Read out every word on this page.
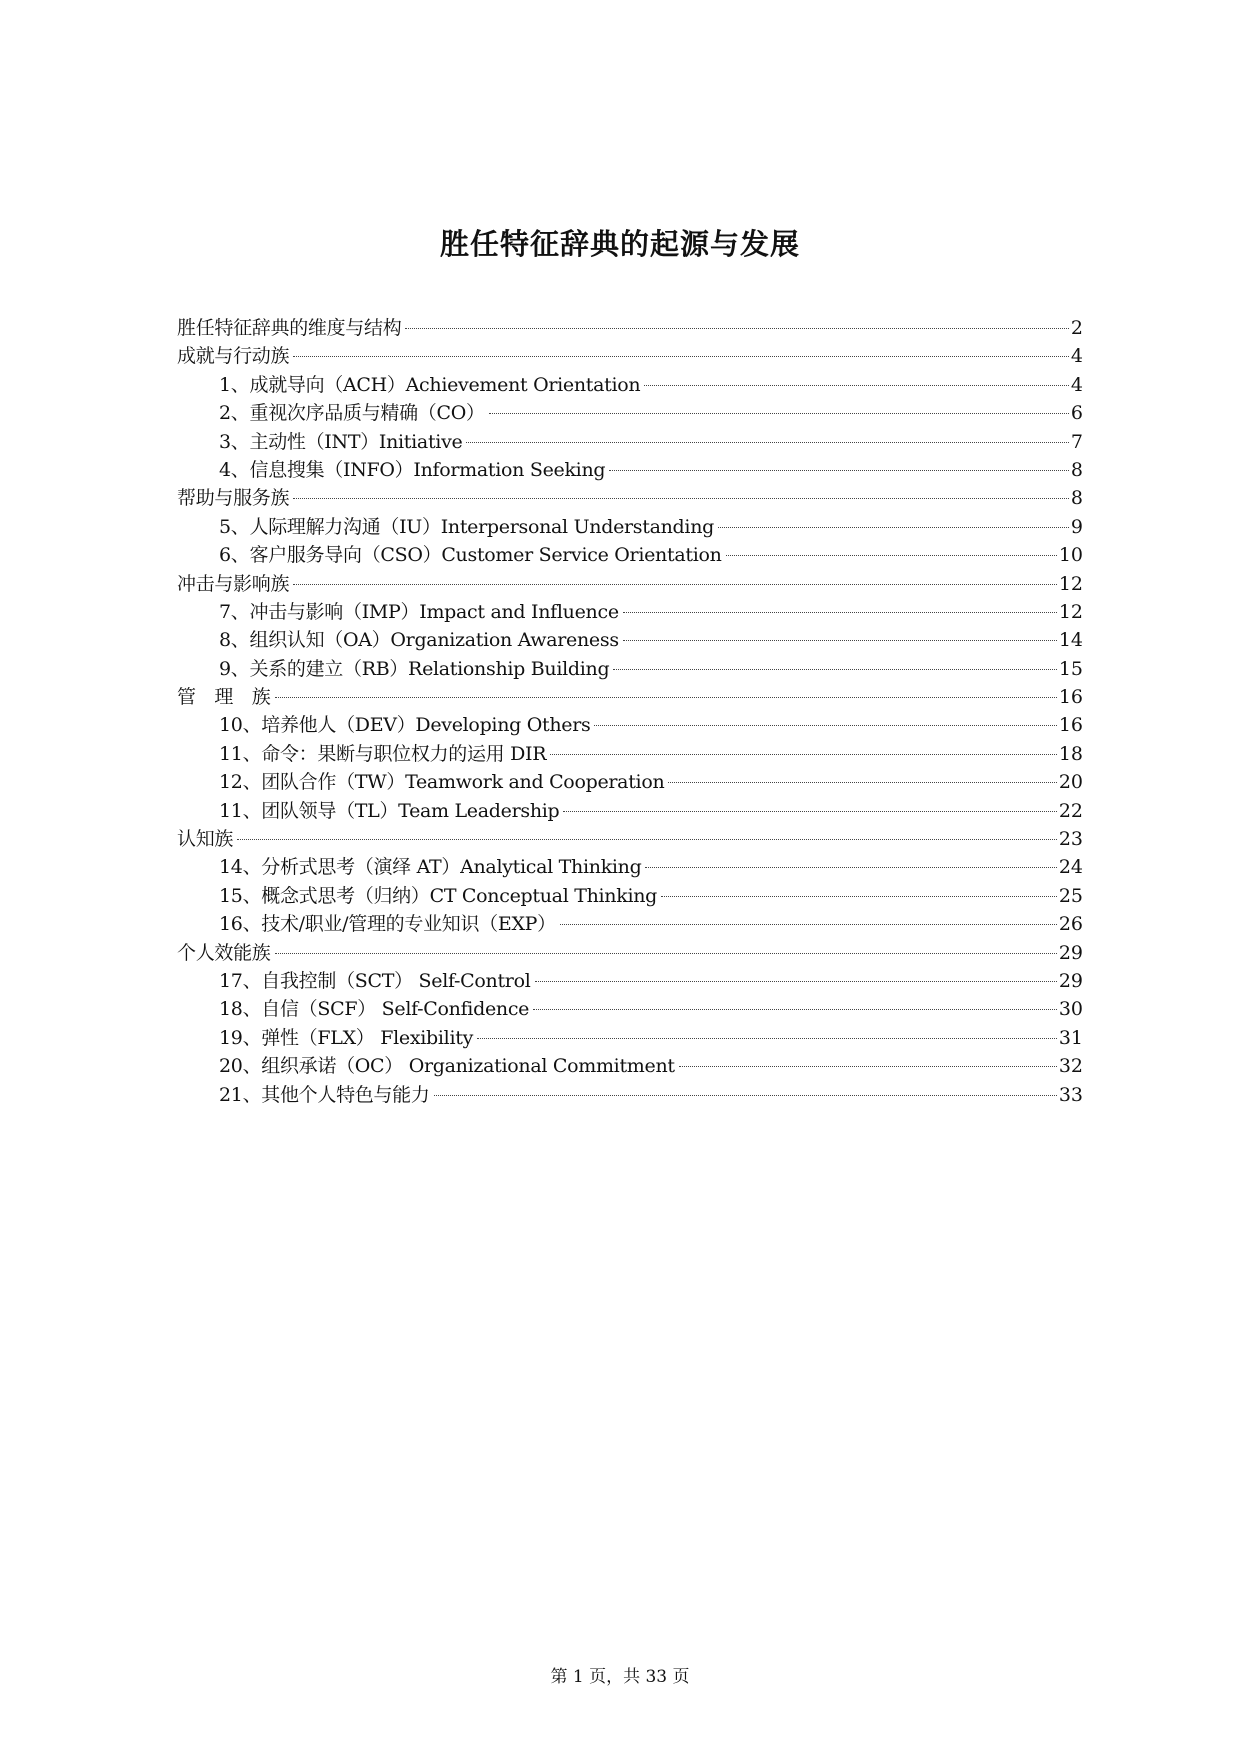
胜任特征辞典的起源与发展
胜任特征辞典的维度与结构	2
成就与行动族	4
1、成就导向（ACH）Achievement Orientation	4
2、重视次序品质与精确（CO）	6
3、主动性（INT）Initiative	7
4、信息搜集（INFO）Information Seeking	8
帮助与服务族	8
5、人际理解力沟通（IU）Interpersonal Understanding	9
6、客户服务导向（CSO）Customer Service Orientation	10
冲击与影响族	12
7、冲击与影响（IMP）Impact and Influence	12
8、组织认知（OA）Organization Awareness	14
9、关系的建立（RB）Relationship Building	15
管　理　族	16
10、培养他人（DEV）Developing Others	16
11、命令：果断与职位权力的运用 DIR	18
12、团队合作（TW）Teamwork and Cooperation	20
11、团队领导（TL）Team Leadership	22
认知族	23
14、分析式思考（演绎 AT）Analytical Thinking	24
15、概念式思考（归纳）CT Conceptual Thinking	25
16、技术/职业/管理的专业知识（EXP）	26
个人效能族	29
17、自我控制（SCT） Self-Control	29
18、自信（SCF） Self-Confidence	30
19、弹性（FLX） Flexibility	31
20、组织承诺（OC） Organizational Commitment	32
21、其他个人特色与能力	33
第 1 页，共 33 页
